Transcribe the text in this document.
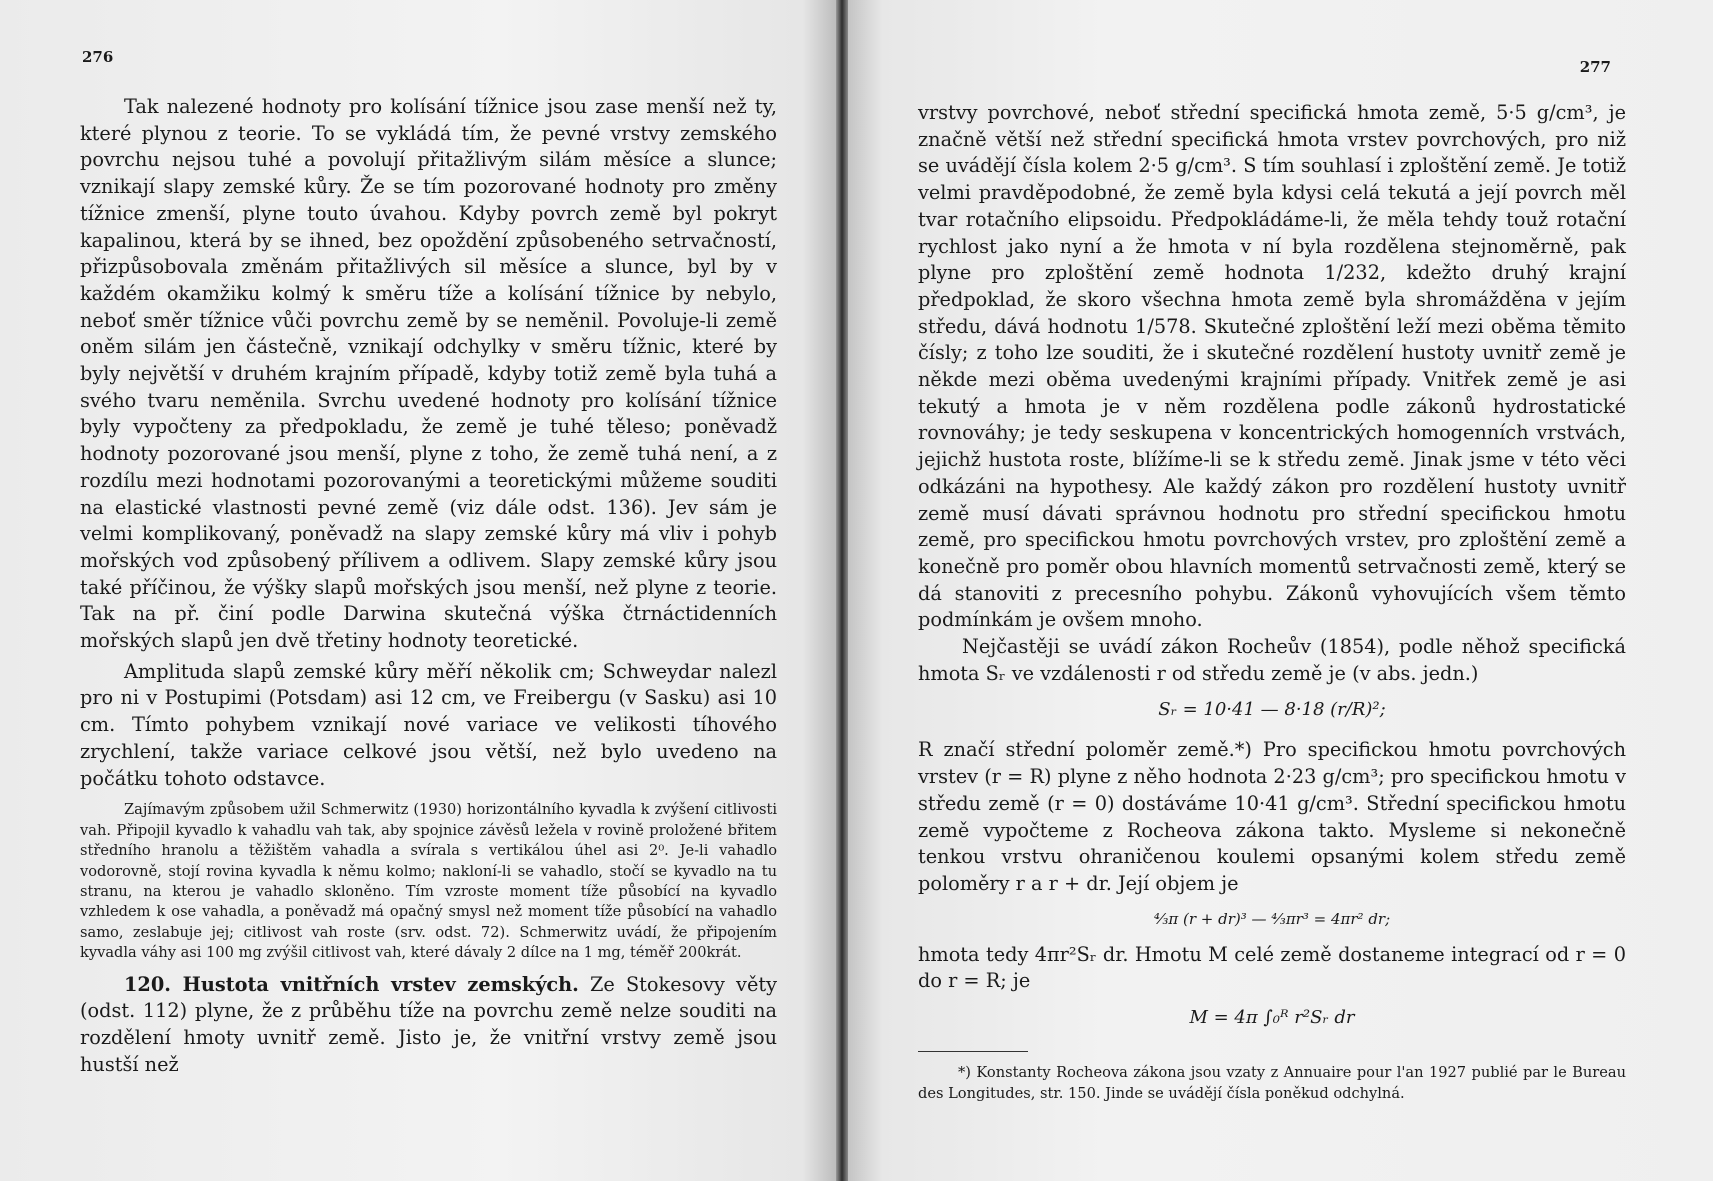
276

Tak nalezené hodnoty pro kolísání tížnice jsou zase menší než ty, které plynou z teorie. To se vykládá tím, že pevné vrstvy zemského povrchu nejsou tuhé a povolují přitažlivým silám měsíce a slunce; vznikají slapy zemské kůry. Že se tím pozorované hodnoty pro změny tížnice zmenší, plyne touto úvahou. Kdyby povrch země byl pokryt kapalinou, která by se ihned, bez opoždění způsobeného setrvačností, přizpůsobovala změnám přitažlivých sil měsíce a slunce, byl by v každém okamžiku kolmý k směru tíže a kolísání tížnice by nebylo, neboť směr tížnice vůči povrchu země by se neměnil. Povoluje-li země oněm silám jen částečně, vznikají odchylky v směru tížnic, které by byly největší v druhém krajním případě, kdyby totiž země byla tuhá a svého tvaru neměnila. Svrchu uvedené hodnoty pro kolísání tížnice byly vypočteny za předpokladu, že země je tuhé těleso; poněvadž hodnoty pozorované jsou menší, plyne z toho, že země tuhá není, a z rozdílu mezi hodnotami pozorovanými a teoretickými můžeme souditi na elastické vlastnosti pevné země (viz dále odst. 136). Jev sám je velmi komplikovaný, poněvadž na slapy zemské kůry má vliv i pohyb mořských vod způsobený přílivem a odlivem. Slapy zemské kůry jsou také příčinou, že výšky slapů mořských jsou menší, než plyne z teorie. Tak na př. činí podle Darwina skutečná výška čtrnáctidenních mořských slapů jen dvě třetiny hodnoty teoretické.

Amplituda slapů zemské kůry měří několik cm; Schweydar nalezl pro ni v Postupimi (Potsdam) asi 12 cm, ve Freibergu (v Sasku) asi 10 cm. Tímto pohybem vznikají nové variace ve velikosti tíhového zrychlení, takže variace celkové jsou větší, než bylo uvedeno na počátku tohoto odstavce.

Zajímavým způsobem užil Schmerwitz (1930) horizontálního kyvadla k zvýšení citlivosti vah. Připojil kyvadlo k vahadlu vah tak, aby spojnice závěsů ležela v rovině proložené břitem středního hranolu a těžištěm vahadla a svírala s vertikálou úhel asi 2⁰. Je-li vahadlo vodorovně, stojí rovina kyvadla k němu kolmo; nakloní-li se vahadlo, stočí se kyvadlo na tu stranu, na kterou je vahadlo skloněno. Tím vzroste moment tíže působící na kyvadlo vzhledem k ose vahadla, a poněvadž má opačný smysl než moment tíže působící na vahadlo samo, zeslabuje jej; citlivost vah roste (srv. odst. 72). Schmerwitz uvádí, že připojením kyvadla váhy asi 100 mg zvýšil citlivost vah, které dávaly 2 dílce na 1 mg, téměř 200krát.

120. Hustota vnitřních vrstev zemských. Ze Stokesovy věty (odst. 112) plyne, že z průběhu tíže na povrchu země nelze souditi na rozdělení hmoty uvnitř země. Jisto je, že vnitřní vrstvy země jsou hustší než

277

vrstvy povrchové, neboť střední specifická hmota země, 5·5 g/cm³, je značně větší než střední specifická hmota vrstev povrchových, pro niž se uvádějí čísla kolem 2·5 g/cm³. S tím souhlasí i zploštění země. Je totiž velmi pravděpodobné, že země byla kdysi celá tekutá a její povrch měl tvar rotačního elipsoidu. Předpokládáme-li, že měla tehdy touž rotační rychlost jako nyní a že hmota v ní byla rozdělena stejnoměrně, pak plyne pro zploštění země hodnota 1/232, kdežto druhý krajní předpoklad, že skoro všechna hmota země byla shromážděna v jejím středu, dává hodnotu 1/578. Skutečné zploštění leží mezi oběma těmito čísly; z toho lze souditi, že i skutečné rozdělení hustoty uvnitř země je někde mezi oběma uvedenými krajními případy. Vnitřek země je asi tekutý a hmota je v něm rozdělena podle zákonů hydrostatické rovnováhy; je tedy seskupena v koncentrických homogenních vrstvách, jejichž hustota roste, blížíme-li se k středu země. Jinak jsme v této věci odkázáni na hypothesy. Ale každý zákon pro rozdělení hustoty uvnitř země musí dávati správnou hodnotu pro střední specifickou hmotu země, pro specifickou hmotu povrchových vrstev, pro zploštění země a konečně pro poměr obou hlavních momentů setrvačnosti země, který se dá stanoviti z precesního pohybu. Zákonů vyhovujících všem těmto podmínkám je ovšem mnoho.

Nejčastěji se uvádí zákon Rocheův (1854), podle něhož specifická hmota Sᵣ ve vzdálenosti r od středu země je (v abs. jedn.)

Sᵣ = 10·41 — 8·18 (r/R)²;

R značí střední poloměr země.*) Pro specifickou hmotu povrchových vrstev (r = R) plyne z něho hodnota 2·23 g/cm³; pro specifickou hmotu v středu země (r = 0) dostáváme 10·41 g/cm³. Střední specifickou hmotu země vypočteme z Rocheova zákona takto. Mysleme si nekonečně tenkou vrstvu ohraničenou koulemi opsanými kolem středu země poloměry r a r + dr. Její objem je

⁴⁄₃π (r + dr)³ — ⁴⁄₃πr³ = 4πr² dr;

hmota tedy 4πr²Sᵣ dr. Hmotu M celé země dostaneme integrací od r = 0 do r = R; je

M = 4π ∫₀ᴿ r²Sᵣ dr

*) Konstanty Rocheova zákona jsou vzaty z Annuaire pour l'an 1927 publié par le Bureau des Longitudes, str. 150. Jinde se uvádějí čísla poněkud odchylná.
